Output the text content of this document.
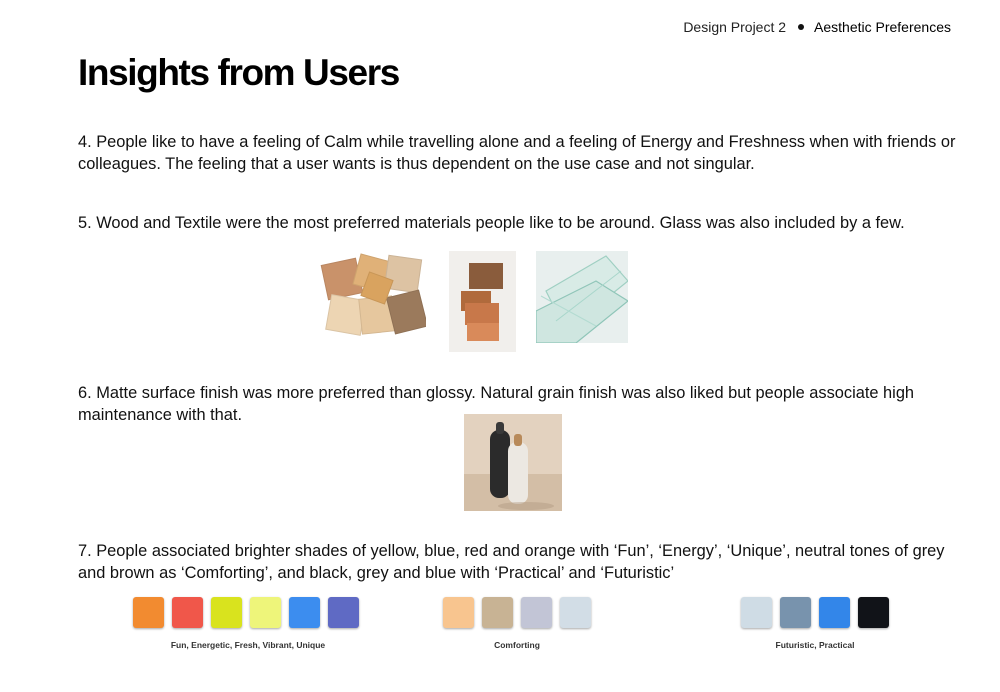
Design Project 2 Aesthetic Preferences
Insights from Users

4. People like to have a feeling of Calm while travelling alone and a feeling of Energy and Freshness when with friends or colleagues. The feeling that a user wants is thus dependent on the use case and not singular.

5. Wood and Textile were the most preferred materials people like to be around. Glass was also included by a few.

6. Matte surface finish was more preferred than glossy. Natural grain finish was also liked but people associate high maintenance with that.

7. People associated brighter shades of yellow, blue, red and orange with ‘Fun’, ‘Energy’, ‘Unique’, neutral tones of grey and brown as ‘Comforting’, and black, grey and blue with ‘Practical’ and ‘Futuristic’

Fun, Energetic, Fresh, Vibrant, Unique	Comforting	Futuristic, Practical
